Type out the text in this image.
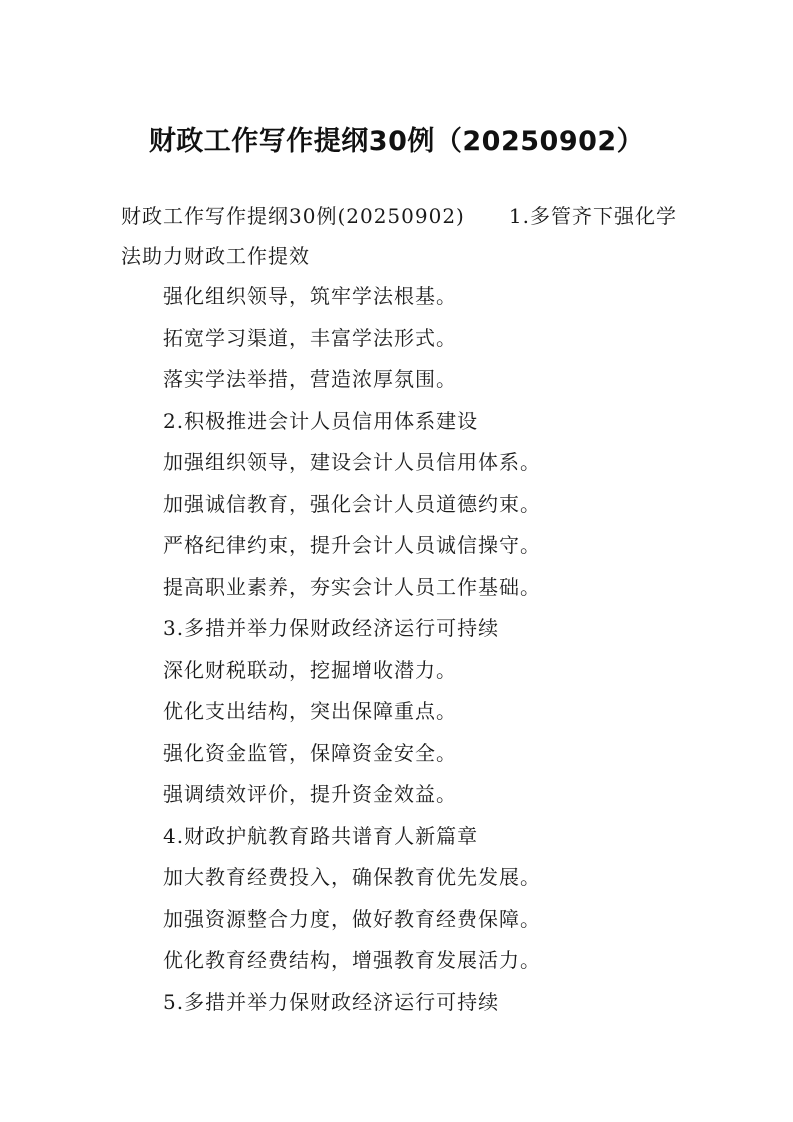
财政工作写作提纲30例（20250902）
财政工作写作提纲30例(20250902) 1.多管齐下强化学法助力财政工作提效
强化组织领导，筑牢学法根基。
拓宽学习渠道，丰富学法形式。
落实学法举措，营造浓厚氛围。
2.积极推进会计人员信用体系建设
加强组织领导，建设会计人员信用体系。
加强诚信教育，强化会计人员道德约束。
严格纪律约束，提升会计人员诚信操守。
提高职业素养，夯实会计人员工作基础。
3.多措并举力保财政经济运行可持续
深化财税联动，挖掘增收潜力。
优化支出结构，突出保障重点。
强化资金监管，保障资金安全。
强调绩效评价，提升资金效益。
4.财政护航教育路共谱育人新篇章
加大教育经费投入，确保教育优先发展。
加强资源整合力度，做好教育经费保障。
优化教育经费结构，增强教育发展活力。
5.多措并举力保财政经济运行可持续
